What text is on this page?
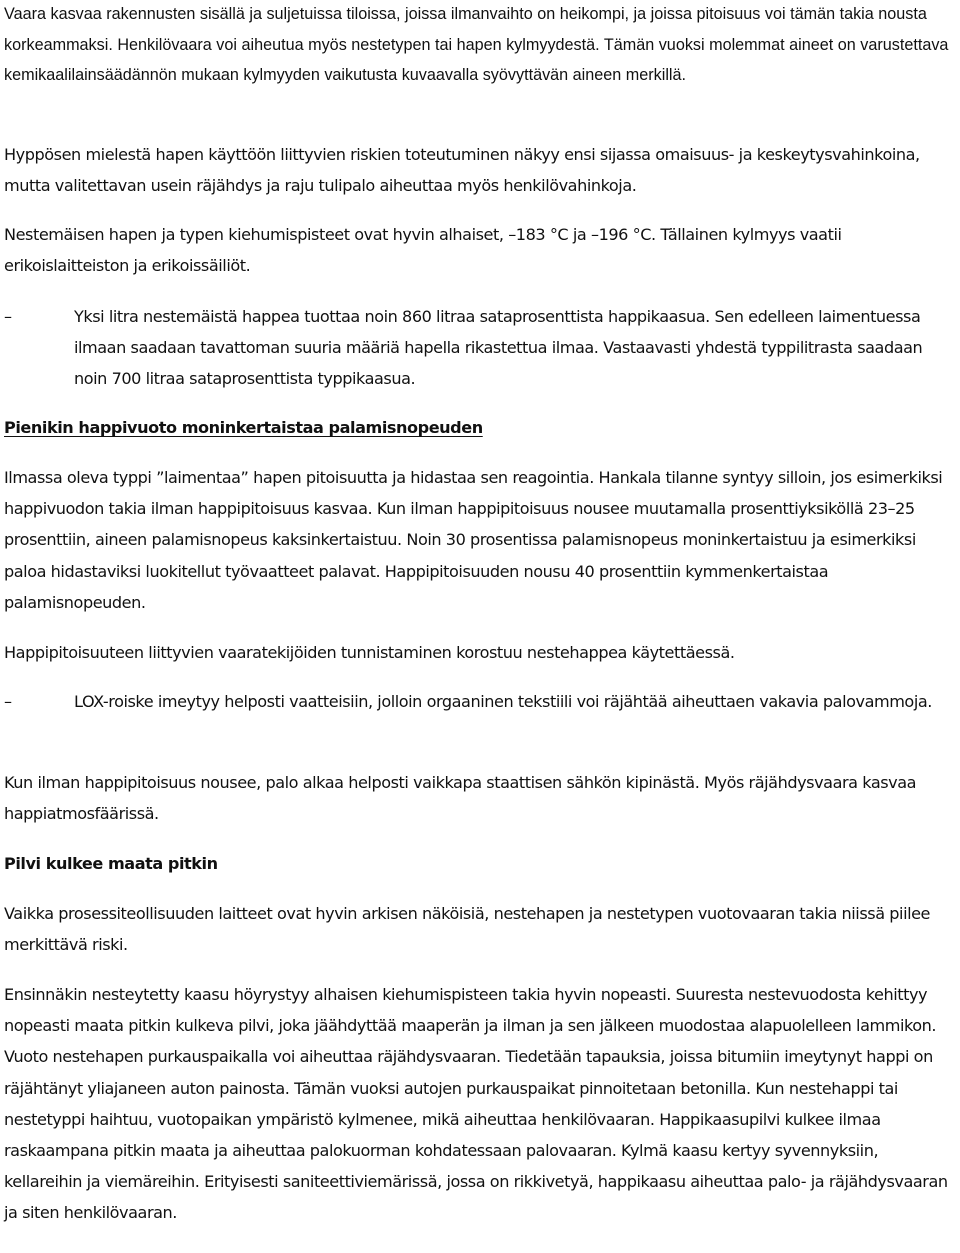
Vaara kasvaa rakennusten sisällä ja suljetuissa tiloissa, joissa ilmanvaihto on heikompi, ja joissa pitoisuus voi tämän takia nousta korkeammaksi. Henkilövaara voi aiheutua myös nestetypen tai hapen kylmyydestä. Tämän vuoksi molemmat aineet on varustettava kemikaalilainsäädännön mukaan kylmyyden vaikutusta kuvaavalla syövyttävän aineen merkillä.

Hyppösen mielestä hapen käyttöön liittyvien riskien toteutuminen näkyy ensi sijassa omaisuus- ja keskeytysvahinkoina, mutta valitettavan usein räjähdys ja raju tulipalo aiheuttaa myös henkilövahinkoja.

Nestemäisen hapen ja typen kiehumispisteet ovat hyvin alhaiset, –183 °C ja –196 °C. Tällainen kylmyys vaatii erikoislaitteiston ja erikoissäiliöt.

–	Yksi litra nestemäistä happea tuottaa noin 860 litraa sataprosenttista happikaasua. Sen edelleen laimentuessa ilmaan saadaan tavattoman suuria määriä hapella rikastettua ilmaa. Vastaavasti yhdestä typpilitrasta saadaan noin 700 litraa sataprosenttista typpikaasua.

Pienikin happivuoto moninkertaistaa palamisnopeuden

Ilmassa oleva typpi ”laimentaa” hapen pitoisuutta ja hidastaa sen reagointia. Hankala tilanne syntyy silloin, jos esimerkiksi happivuodon takia ilman happipitoisuus kasvaa. Kun ilman happipitoisuus nousee muutamalla prosenttiyksiköllä 23–25 prosenttiin, aineen palamisnopeus kaksinkertaistuu. Noin 30 prosentissa palamisnopeus moninkertaistuu ja esimerkiksi paloa hidastaviksi luokitellut työvaatteet palavat. Happipitoisuuden nousu 40 prosenttiin kymmenkertaistaa palamisnopeuden.

Happipitoisuuteen liittyvien vaaratekijöiden tunnistaminen korostuu nestehappea käytettäessä.

–	LOX-roiske imeytyy helposti vaatteisiin, jolloin orgaaninen tekstiili voi räjähtää aiheuttaen vakavia palovammoja.

Kun ilman happipitoisuus nousee, palo alkaa helposti vaikkapa staattisen sähkön kipinästä. Myös räjähdysvaara kasvaa happiatmosfäärissä.

Pilvi kulkee maata pitkin

Vaikka prosessiteollisuuden laitteet ovat hyvin arkisen näköisiä, nestehapen ja nestetypen vuotovaaran takia niissä piilee merkittävä riski.

Ensinnäkin nesteytetty kaasu höyrystyy alhaisen kiehumispisteen takia hyvin nopeasti. Suuresta nestevuodosta kehittyy nopeasti maata pitkin kulkeva pilvi, joka jäähdyttää maaperän ja ilman ja sen jälkeen muodostaa alapuolelleen lammikon. Vuoto nestehapen purkauspaikalla voi aiheuttaa räjähdysvaaran. Tiedetään tapauksia, joissa bitumiin imeytynyt happi on räjähtänyt yliajaneen auton painosta. Tämän vuoksi autojen purkauspaikat pinnoitetaan betonilla. Kun nestehappi tai nestetyppi haihtuu, vuotopaikan ympäristö kylmenee, mikä aiheuttaa henkilövaaran. Happikaasupilvi kulkee ilmaa raskaampana pitkin maata ja aiheuttaa palokuorman kohdatessaan palovaaran. Kylmä kaasu kertyy syvennyksiin, kellareihin ja viemäreihin. Erityisesti saniteettiviemärissä, jossa on rikkivetyä, happikaasu aiheuttaa palo- ja räjähdysvaaran ja siten henkilövaaran.
